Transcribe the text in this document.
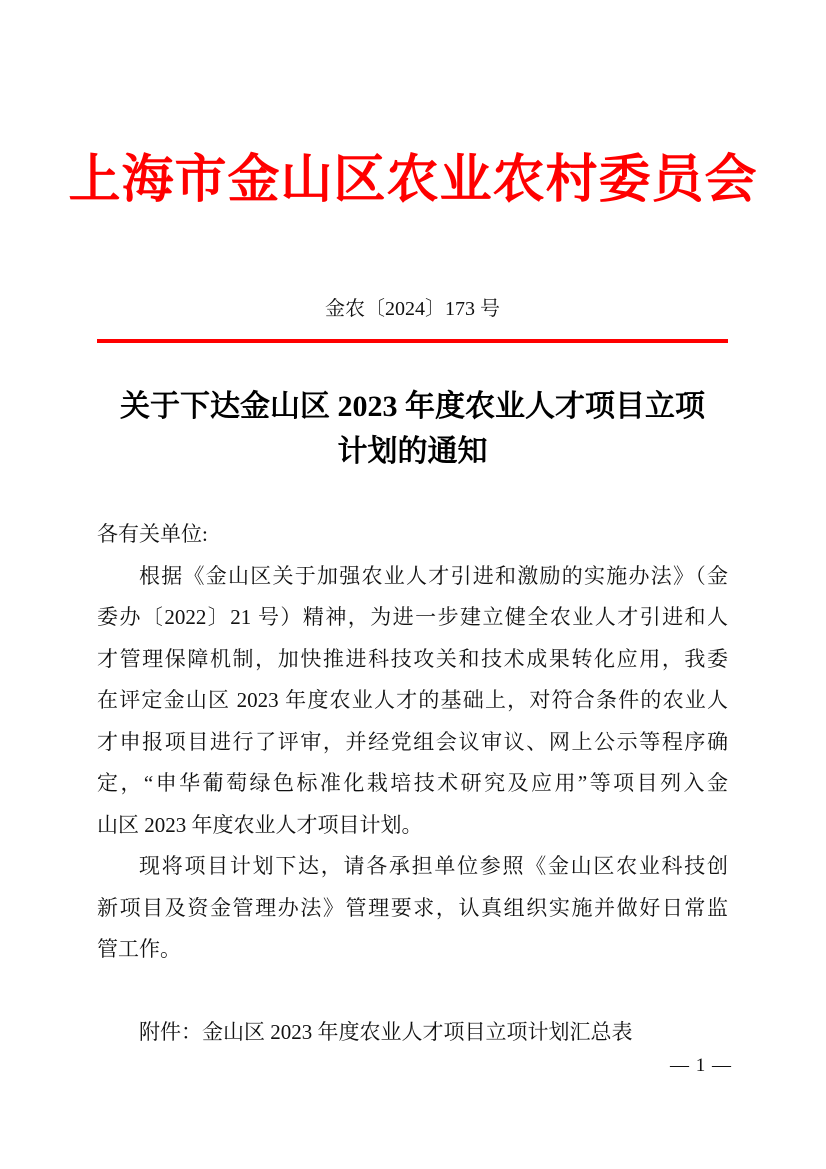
上海市金山区农业农村委员会
金农〔2024〕173 号
关于下达金山区 2023 年度农业人才项目立项
计划的通知
各有关单位:
根据《金山区关于加强农业人才引进和激励的实施办法》（金
委办〔2022〕21 号）精神，为进一步建立健全农业人才引进和人
才管理保障机制，加快推进科技攻关和技术成果转化应用，我委
在评定金山区 2023 年度农业人才的基础上，对符合条件的农业人
才申报项目进行了评审，并经党组会议审议、网上公示等程序确
定，“申华葡萄绿色标准化栽培技术研究及应用”等项目列入金
山区 2023 年度农业人才项目计划。
现将项目计划下达，请各承担单位参照《金山区农业科技创
新项目及资金管理办法》管理要求，认真组织实施并做好日常监
管工作。
附件：金山区 2023 年度农业人才项目立项计划汇总表
— 1 —
